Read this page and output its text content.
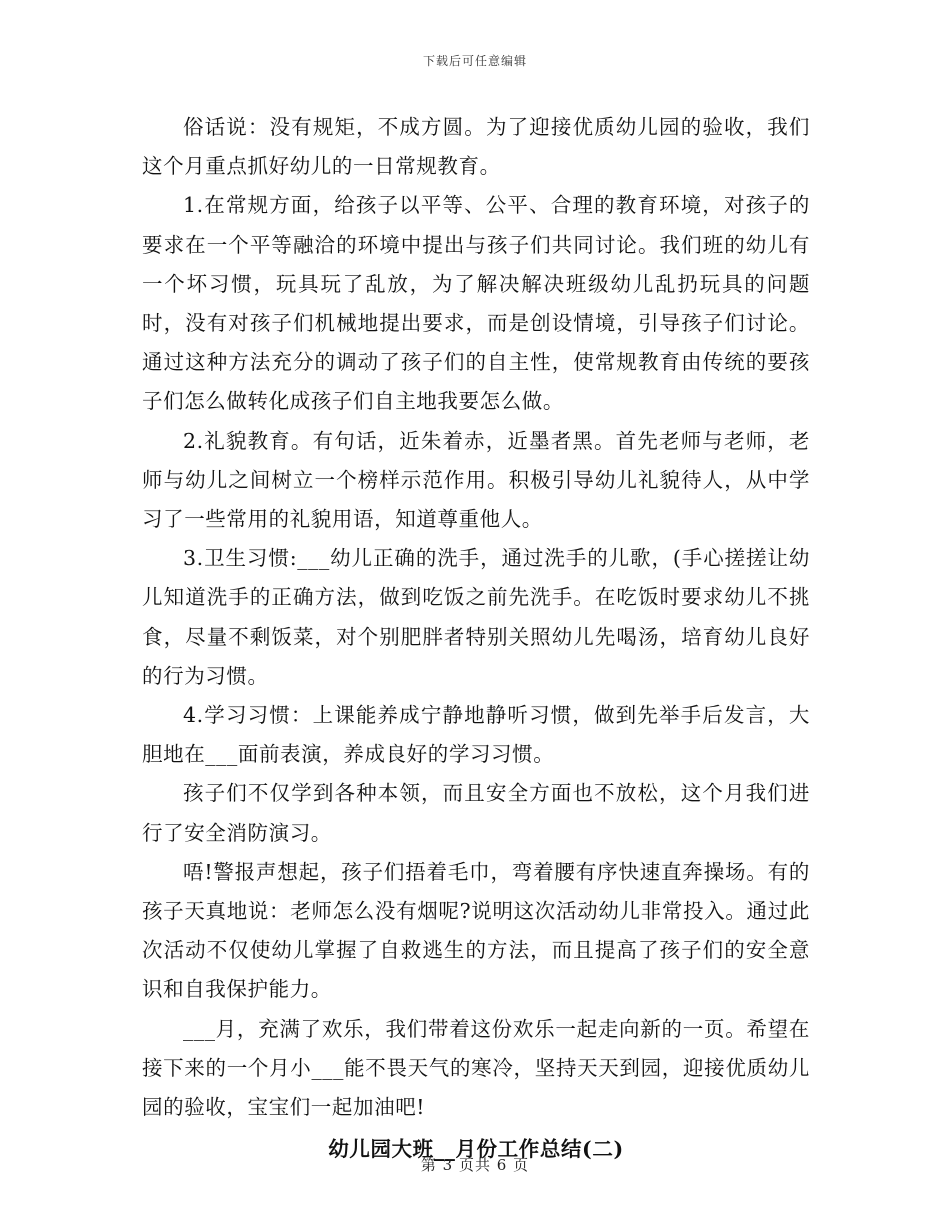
下载后可任意编辑

俗话说：没有规矩，不成方圆。为了迎接优质幼儿园的验收，我们这个月重点抓好幼儿的一日常规教育。

1.在常规方面，给孩子以平等、公平、合理的教育环境，对孩子的要求在一个平等融洽的环境中提出与孩子们共同讨论。我们班的幼儿有一个坏习惯，玩具玩了乱放，为了解决解决班级幼儿乱扔玩具的问题时，没有对孩子们机械地提出要求，而是创设情境，引导孩子们讨论。通过这种方法充分的调动了孩子们的自主性，使常规教育由传统的要孩子们怎么做转化成孩子们自主地我要怎么做。

2.礼貌教育。有句话，近朱着赤，近墨者黑。首先老师与老师，老师与幼儿之间树立一个榜样示范作用。积极引导幼儿礼貌待人，从中学习了一些常用的礼貌用语，知道尊重他人。

3.卫生习惯:___幼儿正确的洗手，通过洗手的儿歌，(手心搓搓让幼儿知道洗手的正确方法，做到吃饭之前先洗手。在吃饭时要求幼儿不挑食，尽量不剩饭菜，对个别肥胖者特别关照幼儿先喝汤，培育幼儿良好的行为习惯。

4.学习习惯：上课能养成宁静地静听习惯，做到先举手后发言，大胆地在___面前表演，养成良好的学习习惯。

孩子们不仅学到各种本领，而且安全方面也不放松，这个月我们进行了安全消防演习。

唔!警报声想起，孩子们捂着毛巾，弯着腰有序快速直奔操场。有的孩子天真地说：老师怎么没有烟呢?说明这次活动幼儿非常投入。通过此次活动不仅使幼儿掌握了自救逃生的方法，而且提高了孩子们的安全意识和自我保护能力。

___月，充满了欢乐，我们带着这份欢乐一起走向新的一页。希望在接下来的一个月小___能不畏天气的寒冷，坚持天天到园，迎接优质幼儿园的验收，宝宝们一起加油吧!

幼儿园大班__月份工作总结(二)
第 3 页共 6 页
